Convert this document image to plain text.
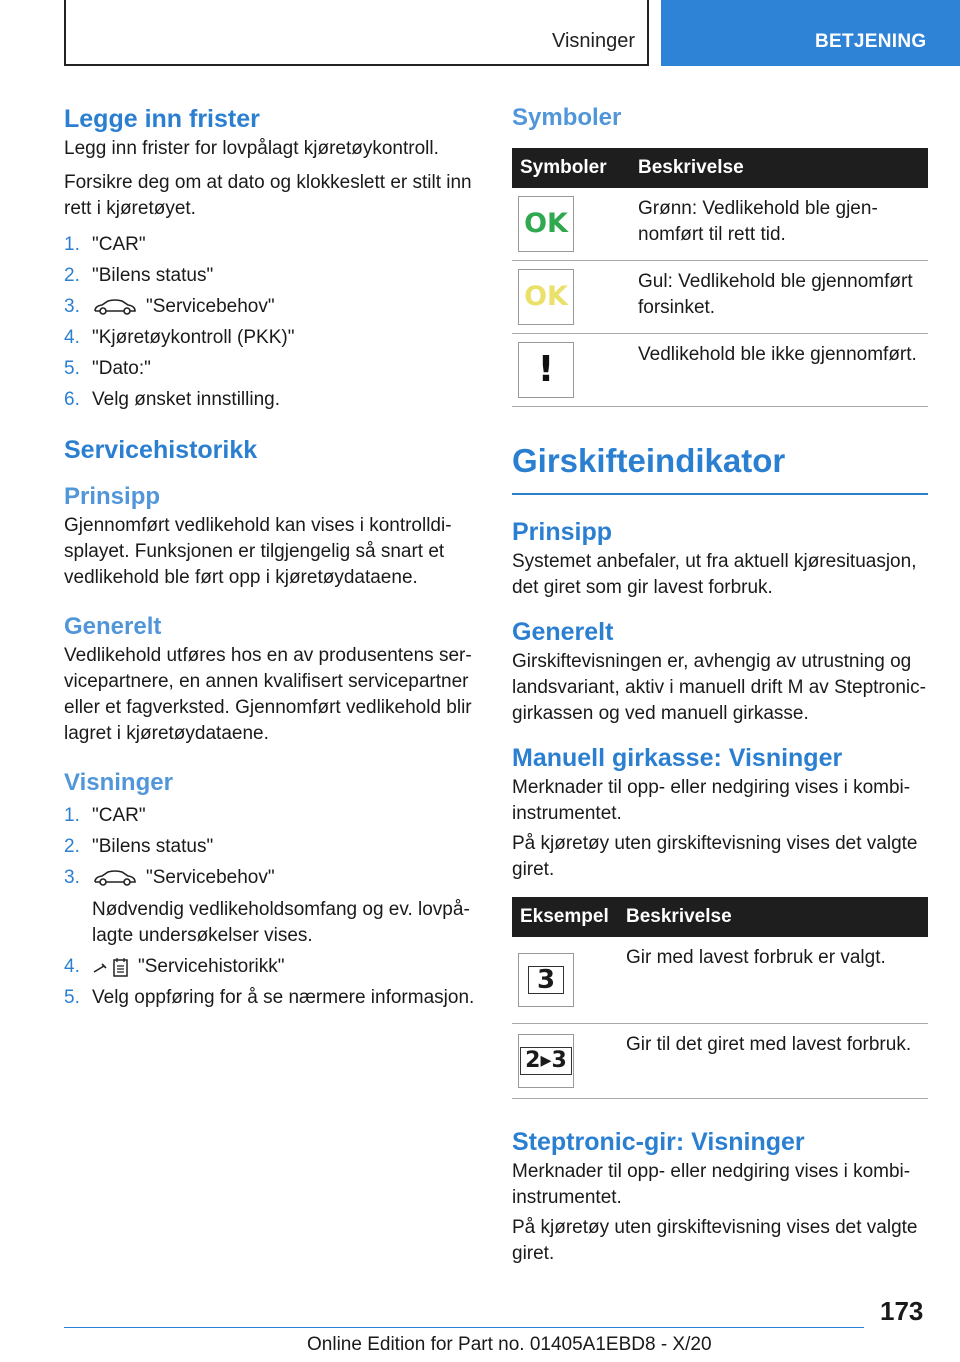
Visninger	BETJENING
Legge inn frister

Legg inn frister for lovpålagt kjøretøykontroll.

Forsikre deg om at dato og klokkeslett er stilt inn rett i kjøretøyet.

1. "CAR"
2. "Bilens status"
3.	"Servicebehov"
4. "Kjøretøykontroll (PKK)"
5. "Dato:"
6. Velg ønsket innstilling.
Servicehistorikk
Prinsipp

Gjennomført vedlikehold kan vises i kontrolldisplayet. Funksjonen er tilgjengelig så snart et vedlikehold ble ført opp i kjøretøydataene.

Generelt

Vedlikehold utføres hos en av produsentens servicepartnere, en annen kvalifisert servicepartner eller et fagverksted. Gjennomført vedlikehold blir lagret i kjøretøydataene.

Visninger
1. "CAR"
2. "Bilens status"
3.	"Servicebehov"
Nødvendig vedlikeholdsomfang og ev. lovpålagte undersøkelser vises.
4.	"Servicehistorikk"
5. Velg oppføring for å se nærmere informasjon.
Symboler
Symboler	Beskrivelse

OK	Grønn: Vedlikehold ble gjennomført til rett tid.

OK	Gul: Vedlikehold ble gjennomført forsinket.

!	Vedlikehold ble ikke gjennomført.
Girskifteindikator
Prinsipp

Systemet anbefaler, ut fra aktuell kjøresituasjon, det giret som gir lavest forbruk.

Generelt

Girskiftevisningen er, avhengig av utrustning og landsvariant, aktiv i manuell drift M av Steptronic-girkassen og ved manuell girkasse.

Manuell girkasse: Visninger

Merknader til opp- eller nedgiring vises i kombiinstrumentet.

På kjøretøy uten girskiftevisning vises det valgte giret.

Eksempel	Beskrivelse

3	Gir med lavest forbruk er valgt.

2▸3	Gir til det giret med lavest forbruk.
Steptronic-gir: Visninger

Merknader til opp- eller nedgiring vises i kombiinstrumentet.

På kjøretøy uten girskiftevisning vises det valgte giret.

173
Online Edition for Part no. 01405A1EBD8 - X/20
